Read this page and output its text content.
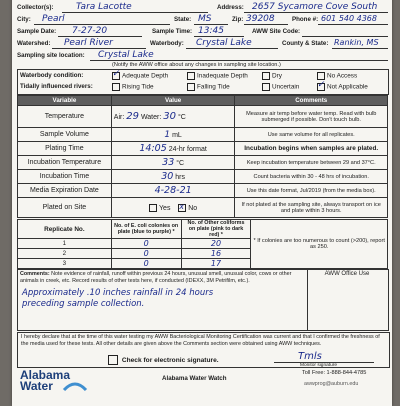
Collector(s):	Tara Lacotte	Address: 2657 Sycamore Cove South
City: Pearl	State: MS	Zip: 39208	Phone #: 601 540 4368
Sample Date: 7-27-20	Sample Time: 13:45	AWW Site Code:
Watershed: Pearl River	Waterbody: Crystal Lake	County & State: Rankin, MS
Sampling site location: Crystal Lake
(Notify the AWW office about any changes in sampling site location.)
Waterbody condition: ✓	Adequate Depth	Inadequate Depth	Dry	No Access
Tidally influenced rivers:	Rising Tide	Falling Tide	Uncertain ✓	Not Applicable
Variable	Value	Comments
Temperature	Air: 29 Water: 30 °C	Measure air temp before water temp. Read with bulb submerged if possible. Don't touch bulb.
Sample Volume	1 mL	Use same volume for all replicates.
Plating Time	14:05 24-hr format	Incubation begins when samples are plated.
Incubation Temperature	33 °C	Keep incubation temperature between 29 and 37°C.
Incubation Time	30 hrs	Count bacteria within 30 - 48 hrs of incubation.
Media Expiration Date	4-28-21	Use this date format, Jul/2019 (from the media box).
Plated on Site	Yes x No	If not plated at the sampling site, always transport on ice and plate within 3 hours.
Replicate No.	No. of E. coli colonies on plate (blue to purple) *	No. of Other coliforms on plate (pink to dark red) *	* If colonies are too numerous to count (>200), report as 250.
1	0	20	
2	0	16	
3	0	17	
Comments: Note evidence of rainfall, runoff within previous 24 hours, unusual smell, unusual color, cows or other animals in creek, etc. Record results of other tests here, if conducted (IDEXX, 3M Petrifilm, etc.).
Approximately .10 inches rainfall in 24 hours
preceding sample collection.
AWW Office Use
I hereby declare that at the time of this water testing my AWW Bacteriological Monitoring Certification was current and that I confirmed the freshness of the media used for these tests. All other details are given above the Comments section were obtained using AWW techniques.
Check for electronic signature.	Tmls
Monitor signature
Alabama
Water
Alabama Water Watch
Toll Free: 1-888-844-4785
awwprog@auburn.edu
